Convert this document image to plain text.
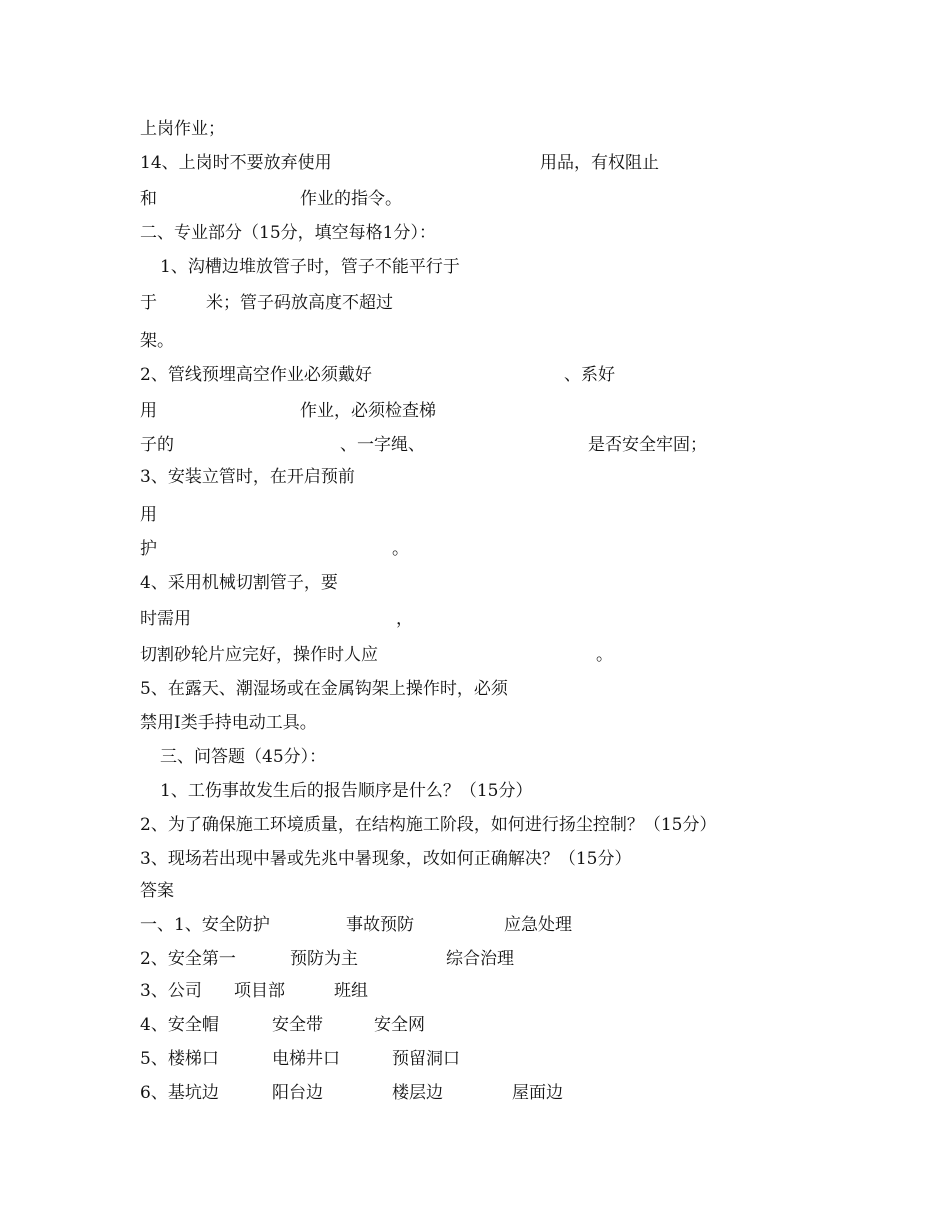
上岗作业；
14、上岗时不要放弃使用	用品，有权阻止
和	作业的指令。
二、专业部分（15分，填空每格1分）：
1、沟槽边堆放管子时，管子不能平行于
于	米；管子码放高度不超过
架。
2、管线预埋高空作业必须戴好	、系好
用	作业，必须检查梯
子的	、一字绳、	是否安全牢固；
3、安装立管时，在开启预前
用
护	。
4、采用机械切割管子，要
时需用	，
切割砂轮片应完好，操作时人应	。
5、在露天、潮湿场或在金属钩架上操作时，必须
禁用Ⅰ类手持电动工具。
三、问答题（45分）：
1、工伤事故发生后的报告顺序是什么？（15分）
2、为了确保施工环境质量，在结构施工阶段，如何进行扬尘控制？（15分）
3、现场若出现中暑或先兆中暑现象，改如何正确解决？（15分）
答案
一、1、安全防护	事故预防	应急处理
2、安全第一	预防为主	综合治理
3、公司 项目部	班组
4、安全帽	安全带	安全网
5、楼梯口	电梯井口	预留洞口
6、基坑边	阳台边	楼层边	屋面边
